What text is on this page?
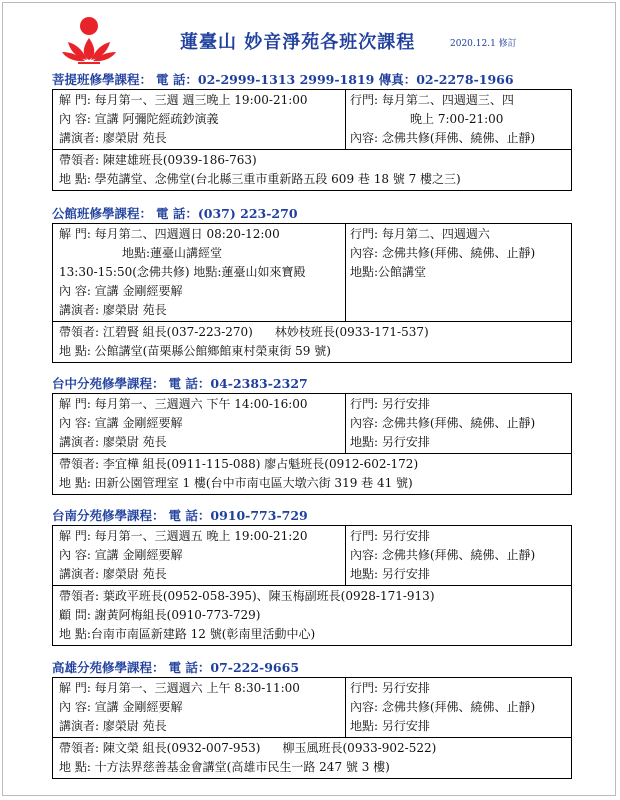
蓮臺山 妙音淨苑各班次課程	2020.12.1 修訂
菩提班修學課程： 電 話：02-2999-1313 2999-1819 傳真：02-2278-1966
解 門: 每月第一、三週 週三晚上 19:00-21:00
內 容: 宣講 阿彌陀經疏鈔演義
講演者: 廖榮尉 苑長
行門: 每月第二、四週週三、四
晚上 7:00-21:00
內容: 念佛共修(拜佛、繞佛、止靜)
帶領者: 陳建雄班長(0939-186-763)
地 點: 學苑講堂、念佛堂(台北縣三重市重新路五段 609 巷 18 號 7 樓之三)
公館班修學課程： 電 話：(037) 223-270
解 門: 每月第二、四週週日 08:20-12:00
地點:蓮臺山講經堂
13:30-15:50(念佛共修) 地點:蓮臺山如來寶殿
內 容: 宣講 金剛經要解
講演者: 廖榮尉 苑長
行門: 每月第二、四週週六
內容: 念佛共修(拜佛、繞佛、止靜)
地點:公館講堂
帶領者: 江碧賢 組長(037-223-270) 林妙枝班長(0933-171-537)
地 點: 公館講堂(苗栗縣公館鄉館東村榮東街 59 號)
台中分苑修學課程： 電 話：04-2383-2327
解 門: 每月第一、三週週六 下午 14:00-16:00
內 容: 宣講 金剛經要解
講演者: 廖榮尉 苑長
行門: 另行安排
內容: 念佛共修(拜佛、繞佛、止靜)
地點: 另行安排
帶領者: 李宜樺 組長(0911-115-088) 廖占魁班長(0912-602-172)
地 點: 田新公園管理室 1 樓(台中市南屯區大墩六街 319 巷 41 號)
台南分苑修學課程： 電 話：0910-773-729
解 門: 每月第一、三週週五 晚上 19:00-21:20
內 容: 宣講 金剛經要解
講演者: 廖榮尉 苑長
行門: 另行安排
內容: 念佛共修(拜佛、繞佛、止靜)
地點: 另行安排
帶領者: 葉政平班長(0952-058-395)、陳玉梅副班長(0928-171-913)
顧 問: 謝黃阿梅組長(0910-773-729)
地 點:台南市南區新建路 12 號(彰南里活動中心)
高雄分苑修學課程： 電 話：07-222-9665
解 門: 每月第一、三週週六 上午 8:30-11:00
內 容: 宣講 金剛經要解
講演者: 廖榮尉 苑長
行門: 另行安排
內容: 念佛共修(拜佛、繞佛、止靜)
地點: 另行安排
帶領者: 陳文榮 組長(0932-007-953) 柳玉風班長(0933-902-522)
地 點: 十方法界慈善基金會講堂(高雄市民生一路 247 號 3 樓)
